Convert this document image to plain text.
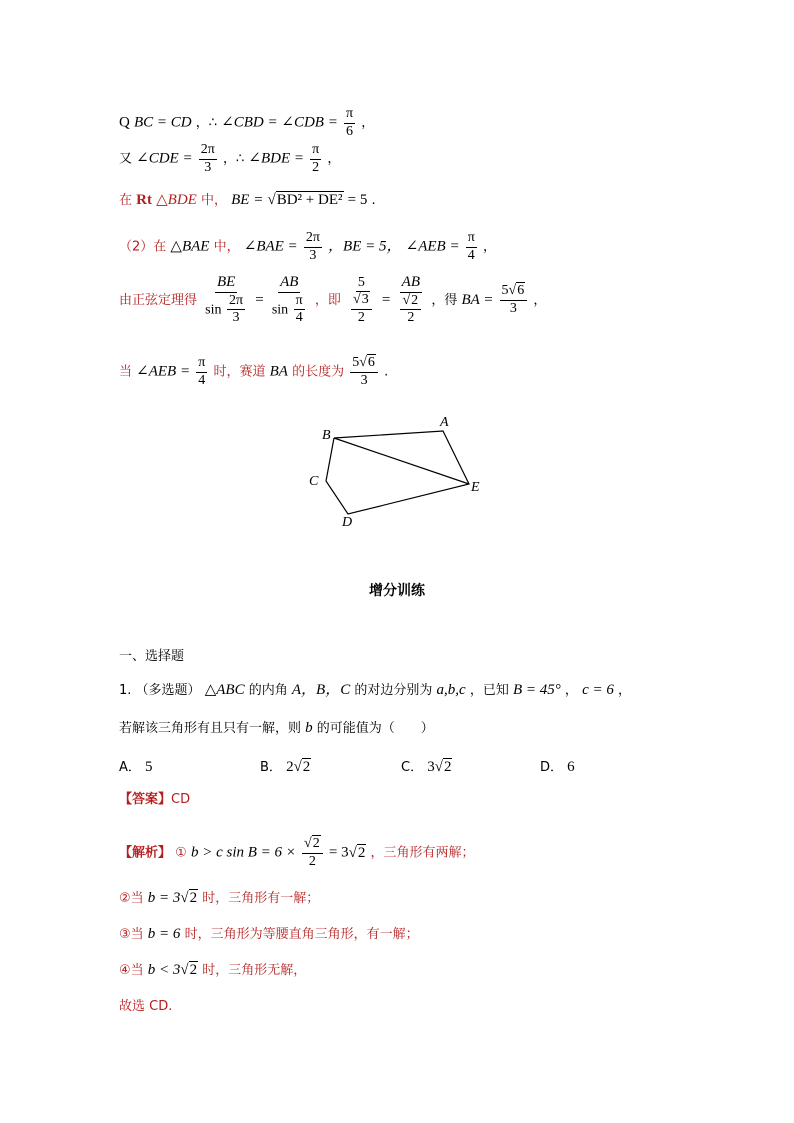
Q BC = CD ，∴ ∠CBD = ∠CDB = $\frac{\pi}{6}$ ，
又 ∠CDE = $\frac{2\pi}{3}$ ，∴ ∠BDE = $\frac{\pi}{2}$ ，
在 Rt △BDE 中， BE = √BD² + DE² = 5 .
（2）在 △BAE 中， ∠BAE = $\frac{2\pi}{3}$ ，BE = 5， ∠AEB = $\frac{\pi}{4}$ ，
由正弦定理得 $\frac{BE}{\sin \frac{2\pi}{3}} = \frac{AB}{\sin \frac{\pi}{4}}$ ，即 $\frac{5}{\frac{√3}{2}} = \frac{AB}{\frac{√2}{2}}$ ，得 BA = $\frac{5√6}{3}$ ，
当 ∠AEB = $\frac{\pi}{4}$ 时，赛道 BA 的长度为 $\frac{5√6}{3}$ .
B
A
C	E
D
增分训练
一、选择题
1. （多选题） △ABC 的内角 A，B，C 的对边分别为 a,b,c ，已知 B = 45° ， c = 6 ，
若解该三角形有且只有一解，则 b 的可能值为（　　）
A． 5	B． 2√2	C． 3√2	D． 6
【答案】CD
【解析】 ① b > c $\sin B = 6 \times \frac{√2}{2} = 3√2$ ，三角形有两解；
②当 b = 3√2 时，三角形有一解；
③当 b = 6 时，三角形为等腰直角三角形，有一解；
④当 b < 3√2 时，三角形无解，
故选 CD.
